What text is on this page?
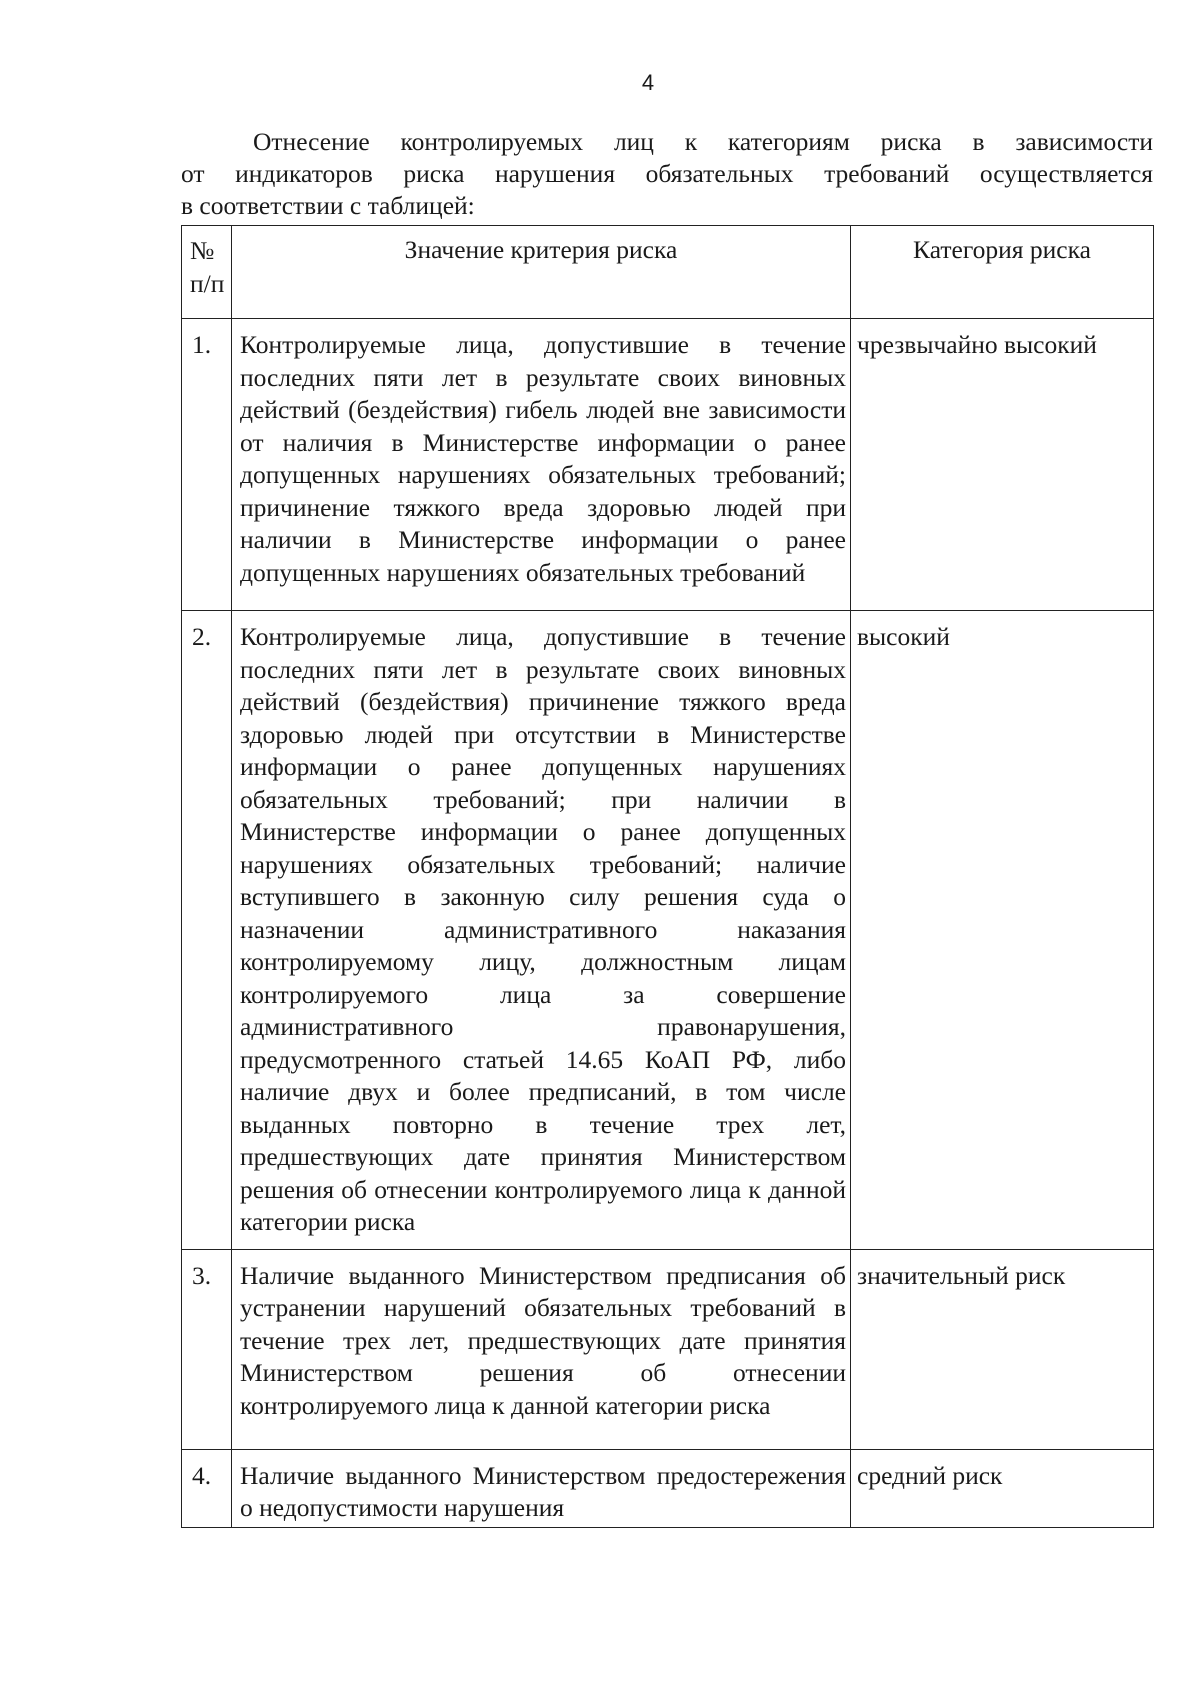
4
Отнесение контролируемых лиц к категориям риска в зависимости
от индикаторов риска нарушения обязательных требований осуществляется
в соответствии с таблицей:
№ п/п	Значение критерия риска	Категория риска
1.	Контролируемые лица, допустившие в течение последних пяти лет в результате своих виновных действий (бездействия) гибель людей вне зависимости от наличия в Министерстве информации о ранее допущенных нарушениях обязательных требований; причинение тяжкого вреда здоровью людей при наличии в Министерстве информации о ранее допущенных нарушениях обязательных требований	чрезвычайно высокий
2.	Контролируемые лица, допустившие в течение последних пяти лет в результате своих виновных действий (бездействия) причинение тяжкого вреда здоровью людей при отсутствии в Министерстве информации о ранее допущенных нарушениях обязательных требований; при наличии в Министерстве информации о ранее допущенных нарушениях обязательных требований; наличие вступившего в законную силу решения суда о назначении административного наказания контролируемому лицу, должностным лицам контролируемого лица за совершение административного правонарушения, предусмотренного статьей 14.65 КоАП РФ, либо наличие двух и более предписаний, в том числе выданных повторно в течение трех лет, предшествующих дате принятия Министерством решения об отнесении контролируемого лица к данной категории риска	высокий
3.	Наличие выданного Министерством предписания об устранении нарушений обязательных требований в течение трех лет, предшествующих дате принятия Министерством решения об отнесении контролируемого лица к данной категории риска	значительный риск
4.	Наличие выданного Министерством предостережения о недопустимости нарушения	средний риск
